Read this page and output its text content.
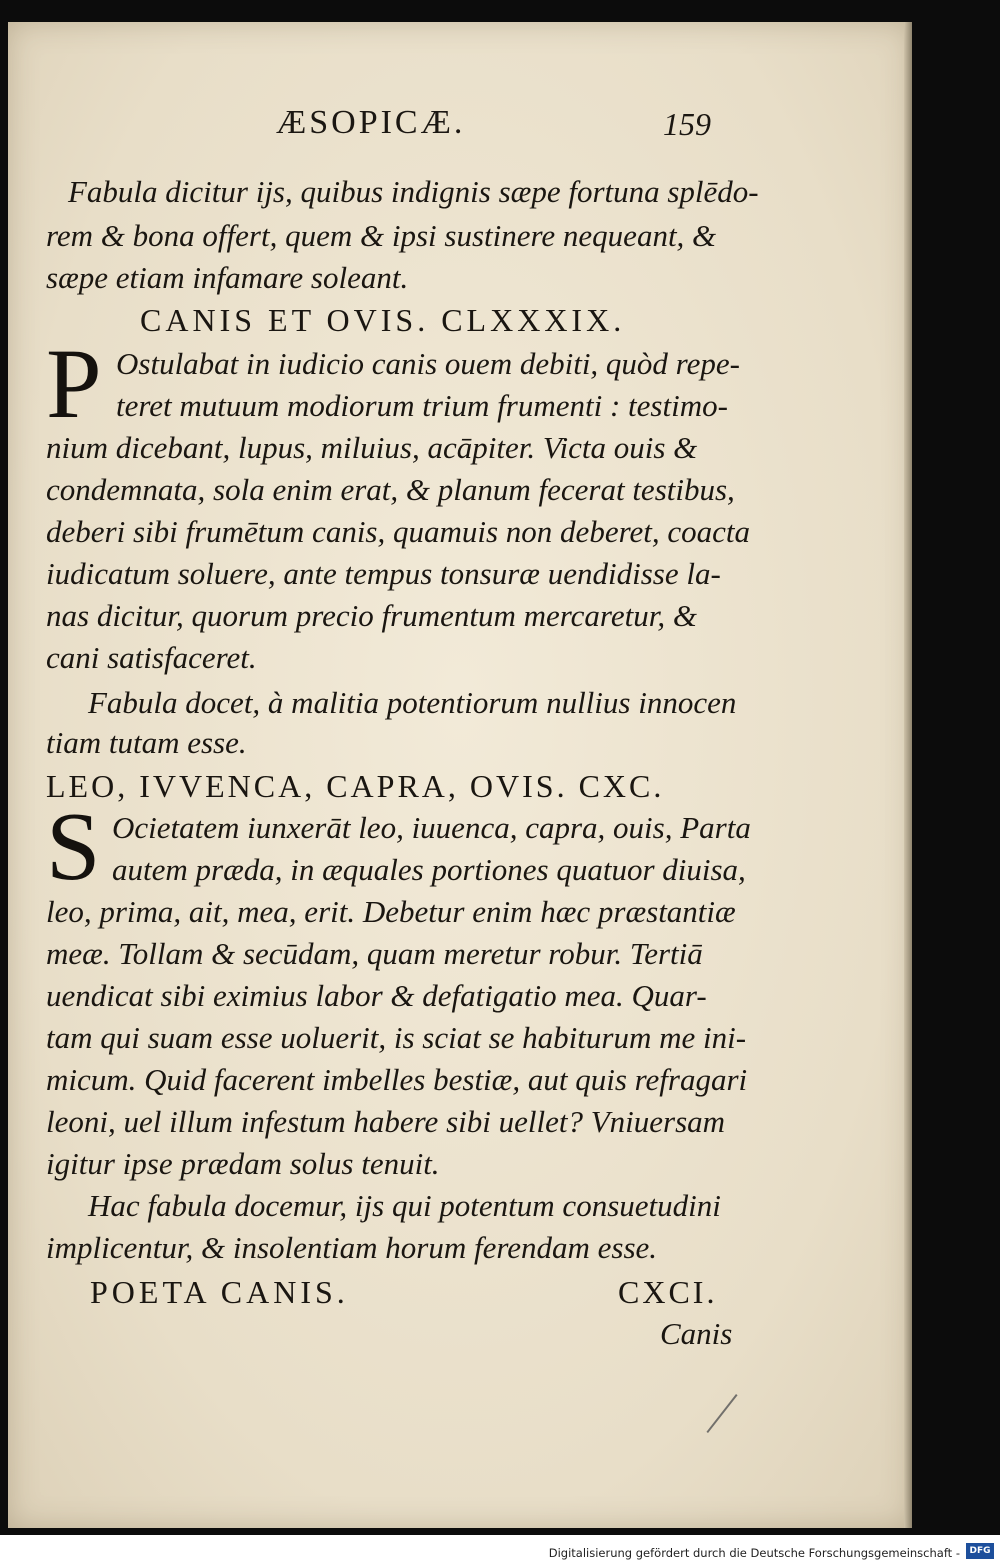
ÆSOPICÆ.	159
Fabula dicitur ijs, quibus indignis sæpe fortuna splēdo-
rem & bona offert, quem & ipsi sustinere nequeant, &
sæpe etiam infamare soleant.
CANIS ET OVIS. CLXXXIX.
P Ostulabat in iudicio canis ouem debiti, quòd repe-
teret mutuum modiorum trium frumenti : testimo-
nium dicebant, lupus, miluius, acāpiter. Victa ouis &
condemnata, sola enim erat, & planum fecerat testibus,
deberi sibi frumētum canis, quamuis non deberet, coacta
iudicatum soluere, ante tempus tonsuræ uendidisse la-
nas dicitur, quorum precio frumentum mercaretur, &
cani satisfaceret.
Fabula docet, à malitia potentiorum nullius innocen
tiam tutam esse.
LEO, IVVENCA, CAPRA, OVIS. CXC.
S Ocietatem iunxerāt leo, iuuenca, capra, ouis, Parta
autem præda, in æquales portiones quatuor diuisa,
leo, prima, ait, mea, erit. Debetur enim hæc præstantiæ
meæ. Tollam & secūdam, quam meretur robur. Tertiā
uendicat sibi eximius labor & defatigatio mea. Quar-
tam qui suam esse uoluerit, is sciat se habiturum me ini-
micum. Quid facerent imbelles bestiæ, aut quis refragari
leoni, uel illum infestum habere sibi uellet? Vniuersam
igitur ipse prædam solus tenuit.
Hac fabula docemur, ijs qui potentum consuetudini
implicentur, & insolentiam horum ferendam esse.
POETA CANIS.	CXCI.
Canis
Digitalisierung gefördert durch die Deutsche Forschungsgemeinschaft -	DFG
